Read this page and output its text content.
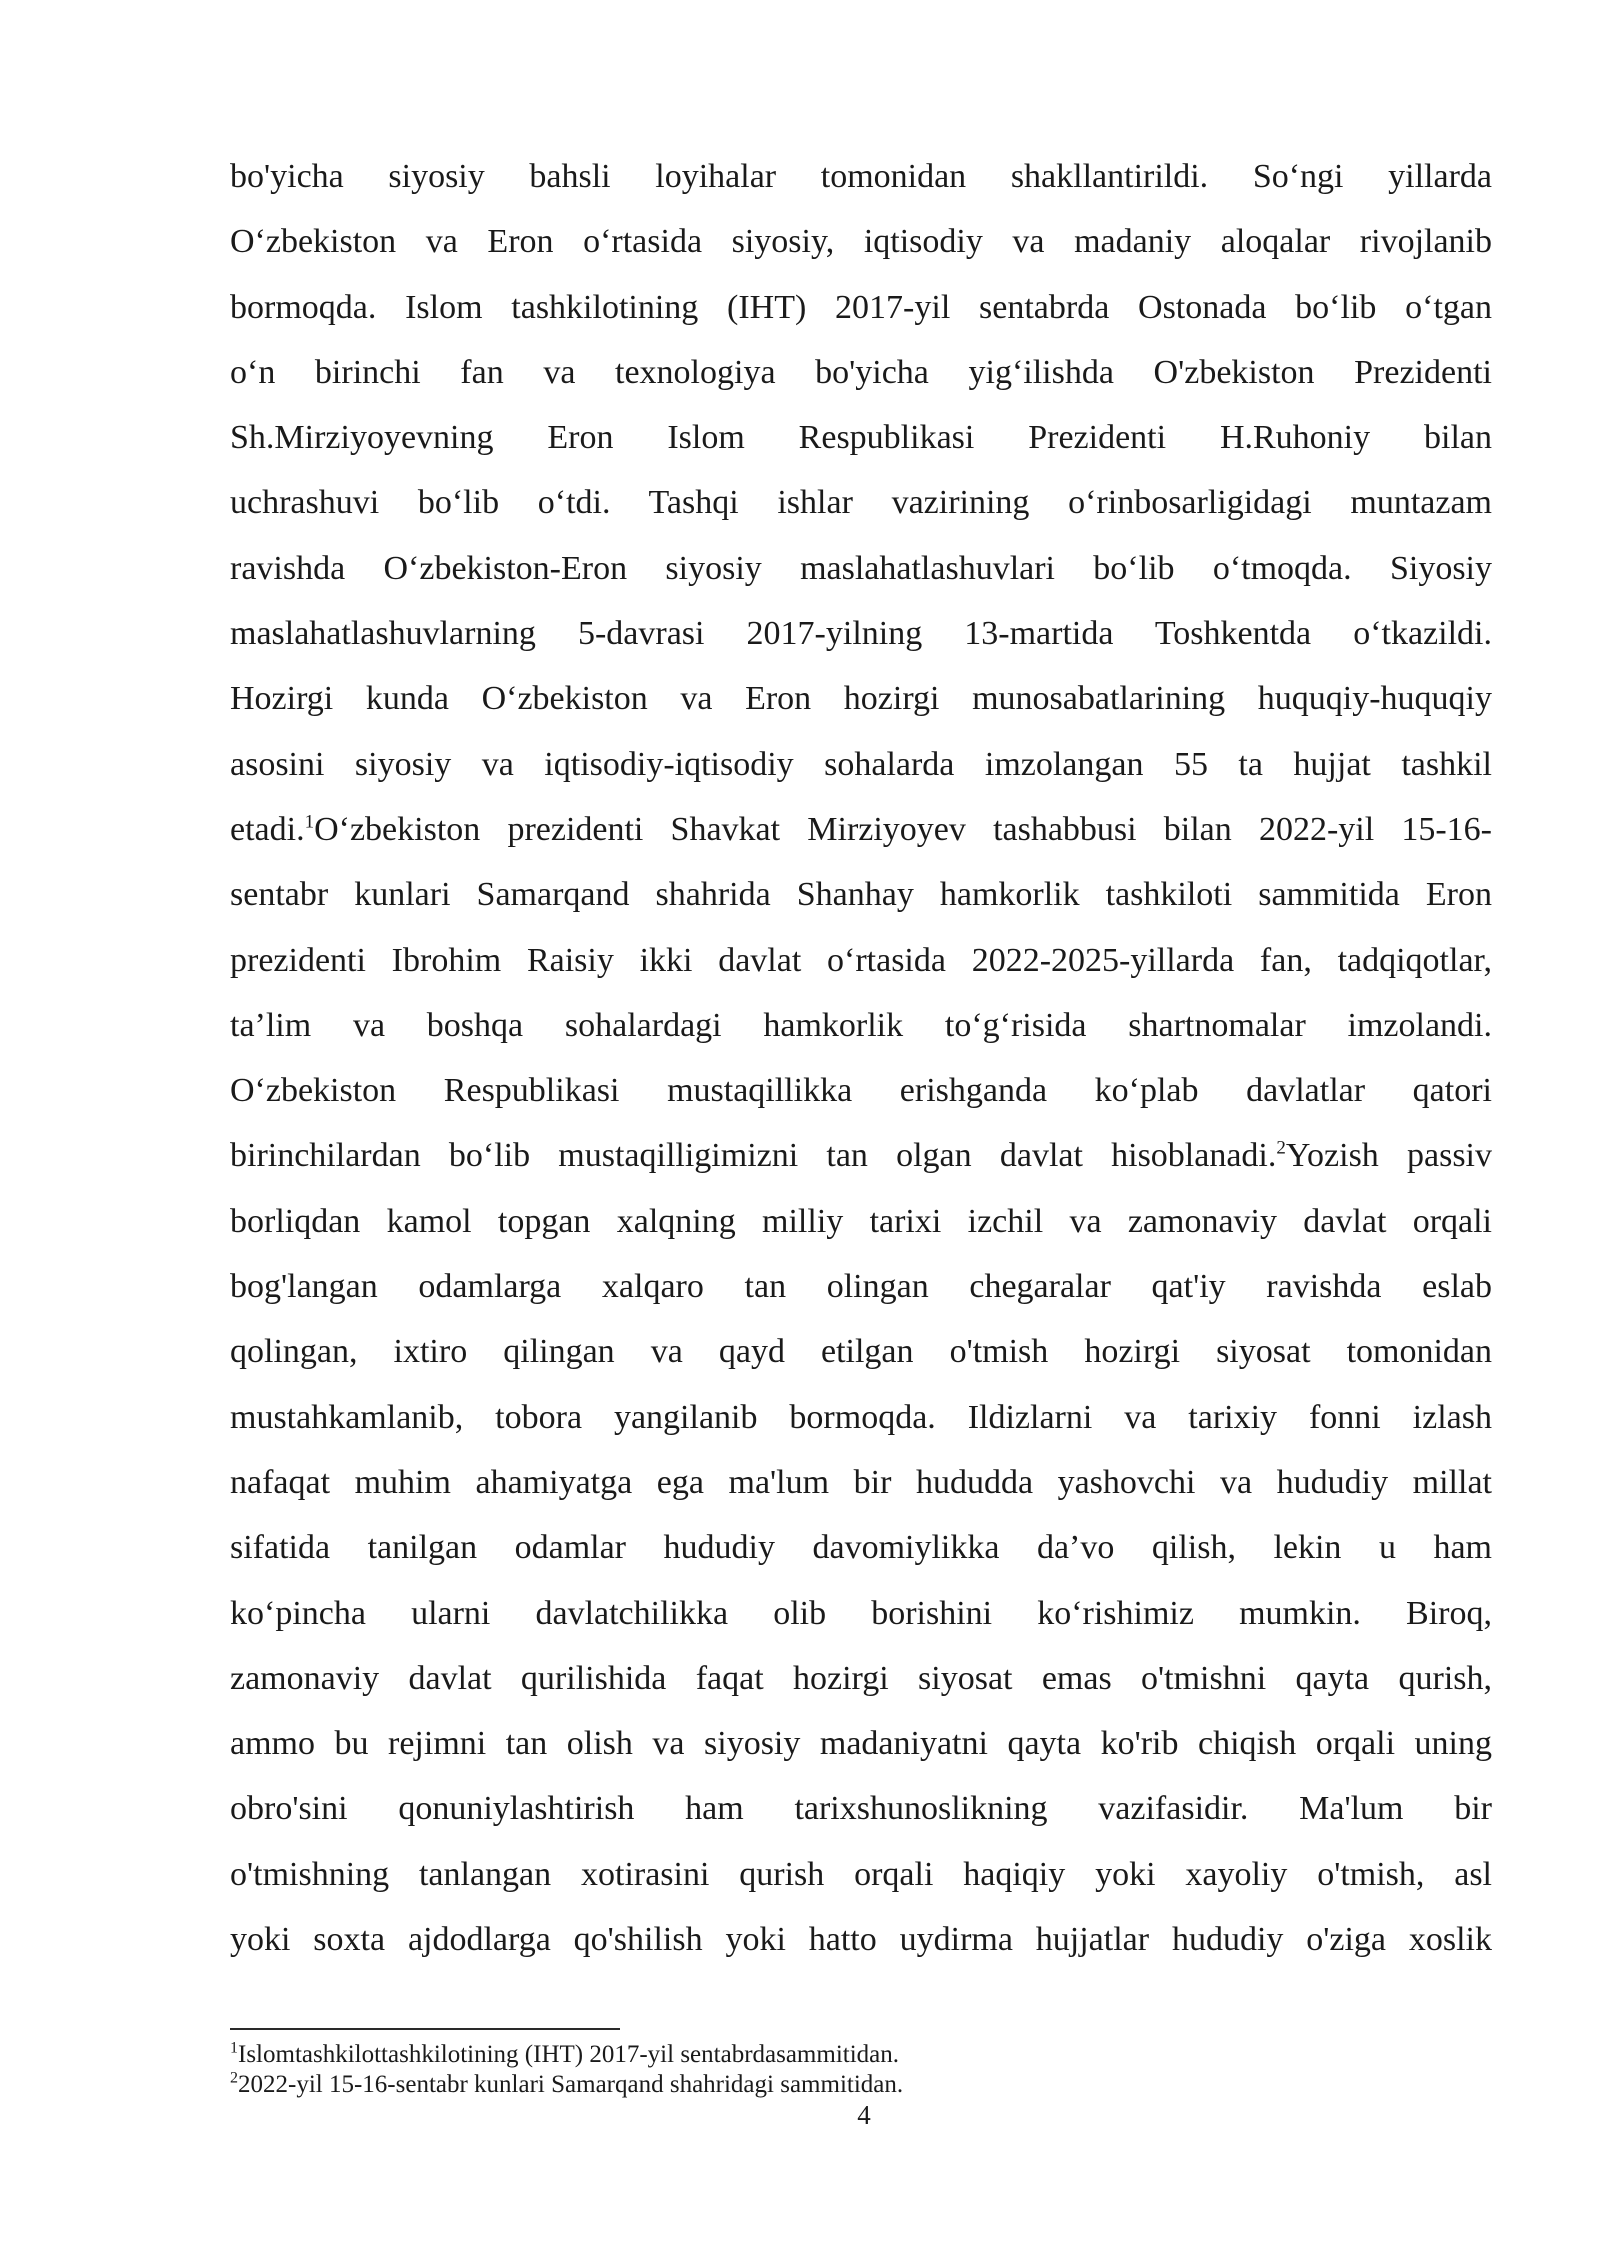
bo'yicha siyosiy bahsli loyihalar tomonidan shakllantirildi. So‘ngi yillarda
O‘zbekiston va Eron o‘rtasida siyosiy, iqtisodiy va madaniy aloqalar rivojlanib
bormoqda. Islom tashkilotining (IHT) 2017-yil sentabrda Ostonada bo‘lib o‘tgan
o‘n birinchi fan va texnologiya bo'yicha yig‘ilishda O'zbekiston Prezidenti
Sh.Mirziyoyevning Eron Islom Respublikasi Prezidenti H.Ruhoniy bilan
uchrashuvi bo‘lib o‘tdi. Tashqi ishlar vazirining o‘rinbosarligidagi muntazam
ravishda O‘zbekiston-Eron siyosiy maslahatlashuvlari bo‘lib o‘tmoqda. Siyosiy
maslahatlashuvlarning 5-davrasi 2017-yilning 13-martida Toshkentda o‘tkazildi.
Hozirgi kunda O‘zbekiston va Eron hozirgi munosabatlarining huquqiy-huquqiy
asosini siyosiy va iqtisodiy-iqtisodiy sohalarda imzolangan 55 ta hujjat tashkil
etadi.$^1$O‘zbekiston prezidenti Shavkat Mirziyoyev tashabbusi bilan 2022-yil 15-16-
sentabr kunlari Samarqand shahrida Shanhay hamkorlik tashkiloti sammitida Eron
prezidenti Ibrohim Raisiy ikki davlat o‘rtasida 2022-2025-yillarda fan, tadqiqotlar,
ta’lim va boshqa sohalardagi hamkorlik to‘g‘risida shartnomalar imzolandi.
O‘zbekiston Respublikasi mustaqillikka erishganda ko‘plab davlatlar qatori
birinchilardan bo‘lib mustaqilligimizni tan olgan davlat hisoblanadi.$^2$Yozish passiv
borliqdan kamol topgan xalqning milliy tarixi izchil va zamonaviy davlat orqali
bog'langan odamlarga xalqaro tan olingan chegaralar qat'iy ravishda eslab
qolingan, ixtiro qilingan va qayd etilgan o'tmish hozirgi siyosat tomonidan
mustahkamlanib, tobora yangilanib bormoqda. Ildizlarni va tarixiy fonni izlash
nafaqat muhim ahamiyatga ega ma'lum bir hududda yashovchi va hududiy millat
sifatida tanilgan odamlar hududiy davomiylikka da’vo qilish, lekin u ham
ko‘pincha ularni davlatchilikka olib borishini ko‘rishimiz mumkin. Biroq,
zamonaviy davlat qurilishida faqat hozirgi siyosat emas o'tmishni qayta qurish,
ammo bu rejimni tan olish va siyosiy madaniyatni qayta ko'rib chiqish orqali uning
obro'sini qonuniylashtirish ham tarixshunoslikning vazifasidir. Ma'lum bir
o'tmishning tanlangan xotirasini qurish orqali haqiqiy yoki xayoliy o'tmish, asl
yoki soxta ajdodlarga qo'shilish yoki hatto uydirma hujjatlar hududiy o'ziga xoslik
$^1$Islomtashkilottashkilotining (IHT) 2017-yil sentabrdasammitidan.
$^2$2022-yil 15-16-sentabr kunlari Samarqand shahridagi sammitidan.
4
